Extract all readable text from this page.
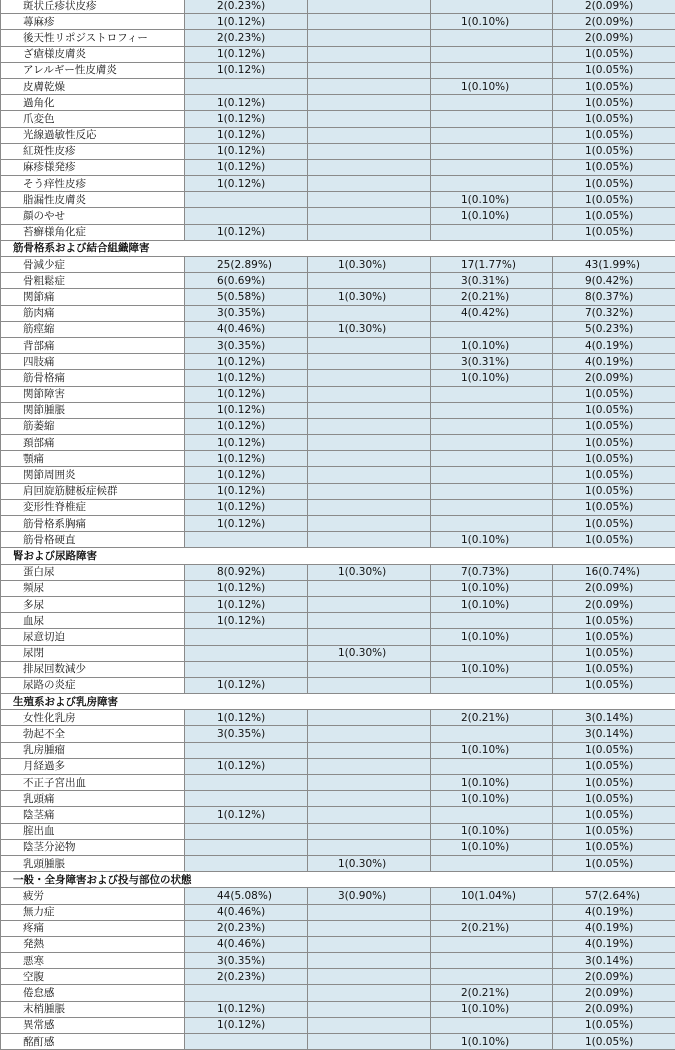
斑状丘疹状皮疹	2(0.23%)			2(0.09%)
蕁麻疹	1(0.12%)		1(0.10%)	2(0.09%)
後天性リポジストロフィー	2(0.23%)			2(0.09%)
ざ瘡様皮膚炎	1(0.12%)			1(0.05%)
アレルギー性皮膚炎	1(0.12%)			1(0.05%)
皮膚乾燥			1(0.10%)	1(0.05%)
過角化	1(0.12%)			1(0.05%)
爪変色	1(0.12%)			1(0.05%)
光線過敏性反応	1(0.12%)			1(0.05%)
紅斑性皮疹	1(0.12%)			1(0.05%)
麻疹様発疹	1(0.12%)			1(0.05%)
そう痒性皮疹	1(0.12%)			1(0.05%)
脂漏性皮膚炎			1(0.10%)	1(0.05%)
顔のやせ			1(0.10%)	1(0.05%)
苔癬様角化症	1(0.12%)			1(0.05%)
筋骨格系および結合組織障害				
骨減少症	25(2.89%)	1(0.30%)	17(1.77%)	43(1.99%)
骨粗鬆症	6(0.69%)		3(0.31%)	9(0.42%)
関節痛	5(0.58%)	1(0.30%)	2(0.21%)	8(0.37%)
筋肉痛	3(0.35%)		4(0.42%)	7(0.32%)
筋痙縮	4(0.46%)	1(0.30%)		5(0.23%)
背部痛	3(0.35%)		1(0.10%)	4(0.19%)
四肢痛	1(0.12%)		3(0.31%)	4(0.19%)
筋骨格痛	1(0.12%)		1(0.10%)	2(0.09%)
関節障害	1(0.12%)			1(0.05%)
関節腫脹	1(0.12%)			1(0.05%)
筋萎縮	1(0.12%)			1(0.05%)
頚部痛	1(0.12%)			1(0.05%)
顎痛	1(0.12%)			1(0.05%)
関節周囲炎	1(0.12%)			1(0.05%)
肩回旋筋腱板症候群	1(0.12%)			1(0.05%)
変形性脊椎症	1(0.12%)			1(0.05%)
筋骨格系胸痛	1(0.12%)			1(0.05%)
筋骨格硬直			1(0.10%)	1(0.05%)
腎および尿路障害				
蛋白尿	8(0.92%)	1(0.30%)	7(0.73%)	16(0.74%)
頻尿	1(0.12%)		1(0.10%)	2(0.09%)
多尿	1(0.12%)		1(0.10%)	2(0.09%)
血尿	1(0.12%)			1(0.05%)
尿意切迫			1(0.10%)	1(0.05%)
尿閉		1(0.30%)		1(0.05%)
排尿回数減少			1(0.10%)	1(0.05%)
尿路の炎症	1(0.12%)			1(0.05%)
生殖系および乳房障害				
女性化乳房	1(0.12%)		2(0.21%)	3(0.14%)
勃起不全	3(0.35%)			3(0.14%)
乳房腫瘤			1(0.10%)	1(0.05%)
月経過多	1(0.12%)			1(0.05%)
不正子宮出血			1(0.10%)	1(0.05%)
乳頭痛			1(0.10%)	1(0.05%)
陰茎痛	1(0.12%)			1(0.05%)
腟出血			1(0.10%)	1(0.05%)
陰茎分泌物			1(0.10%)	1(0.05%)
乳頭腫脹		1(0.30%)		1(0.05%)
一般・全身障害および投与部位の状態				
疲労	44(5.08%)	3(0.90%)	10(1.04%)	57(2.64%)
無力症	4(0.46%)			4(0.19%)
疼痛	2(0.23%)		2(0.21%)	4(0.19%)
発熱	4(0.46%)			4(0.19%)
悪寒	3(0.35%)			3(0.14%)
空腹	2(0.23%)			2(0.09%)
倦怠感			2(0.21%)	2(0.09%)
末梢腫脹	1(0.12%)		1(0.10%)	2(0.09%)
異常感	1(0.12%)			1(0.05%)
酩酊感			1(0.10%)	1(0.05%)
